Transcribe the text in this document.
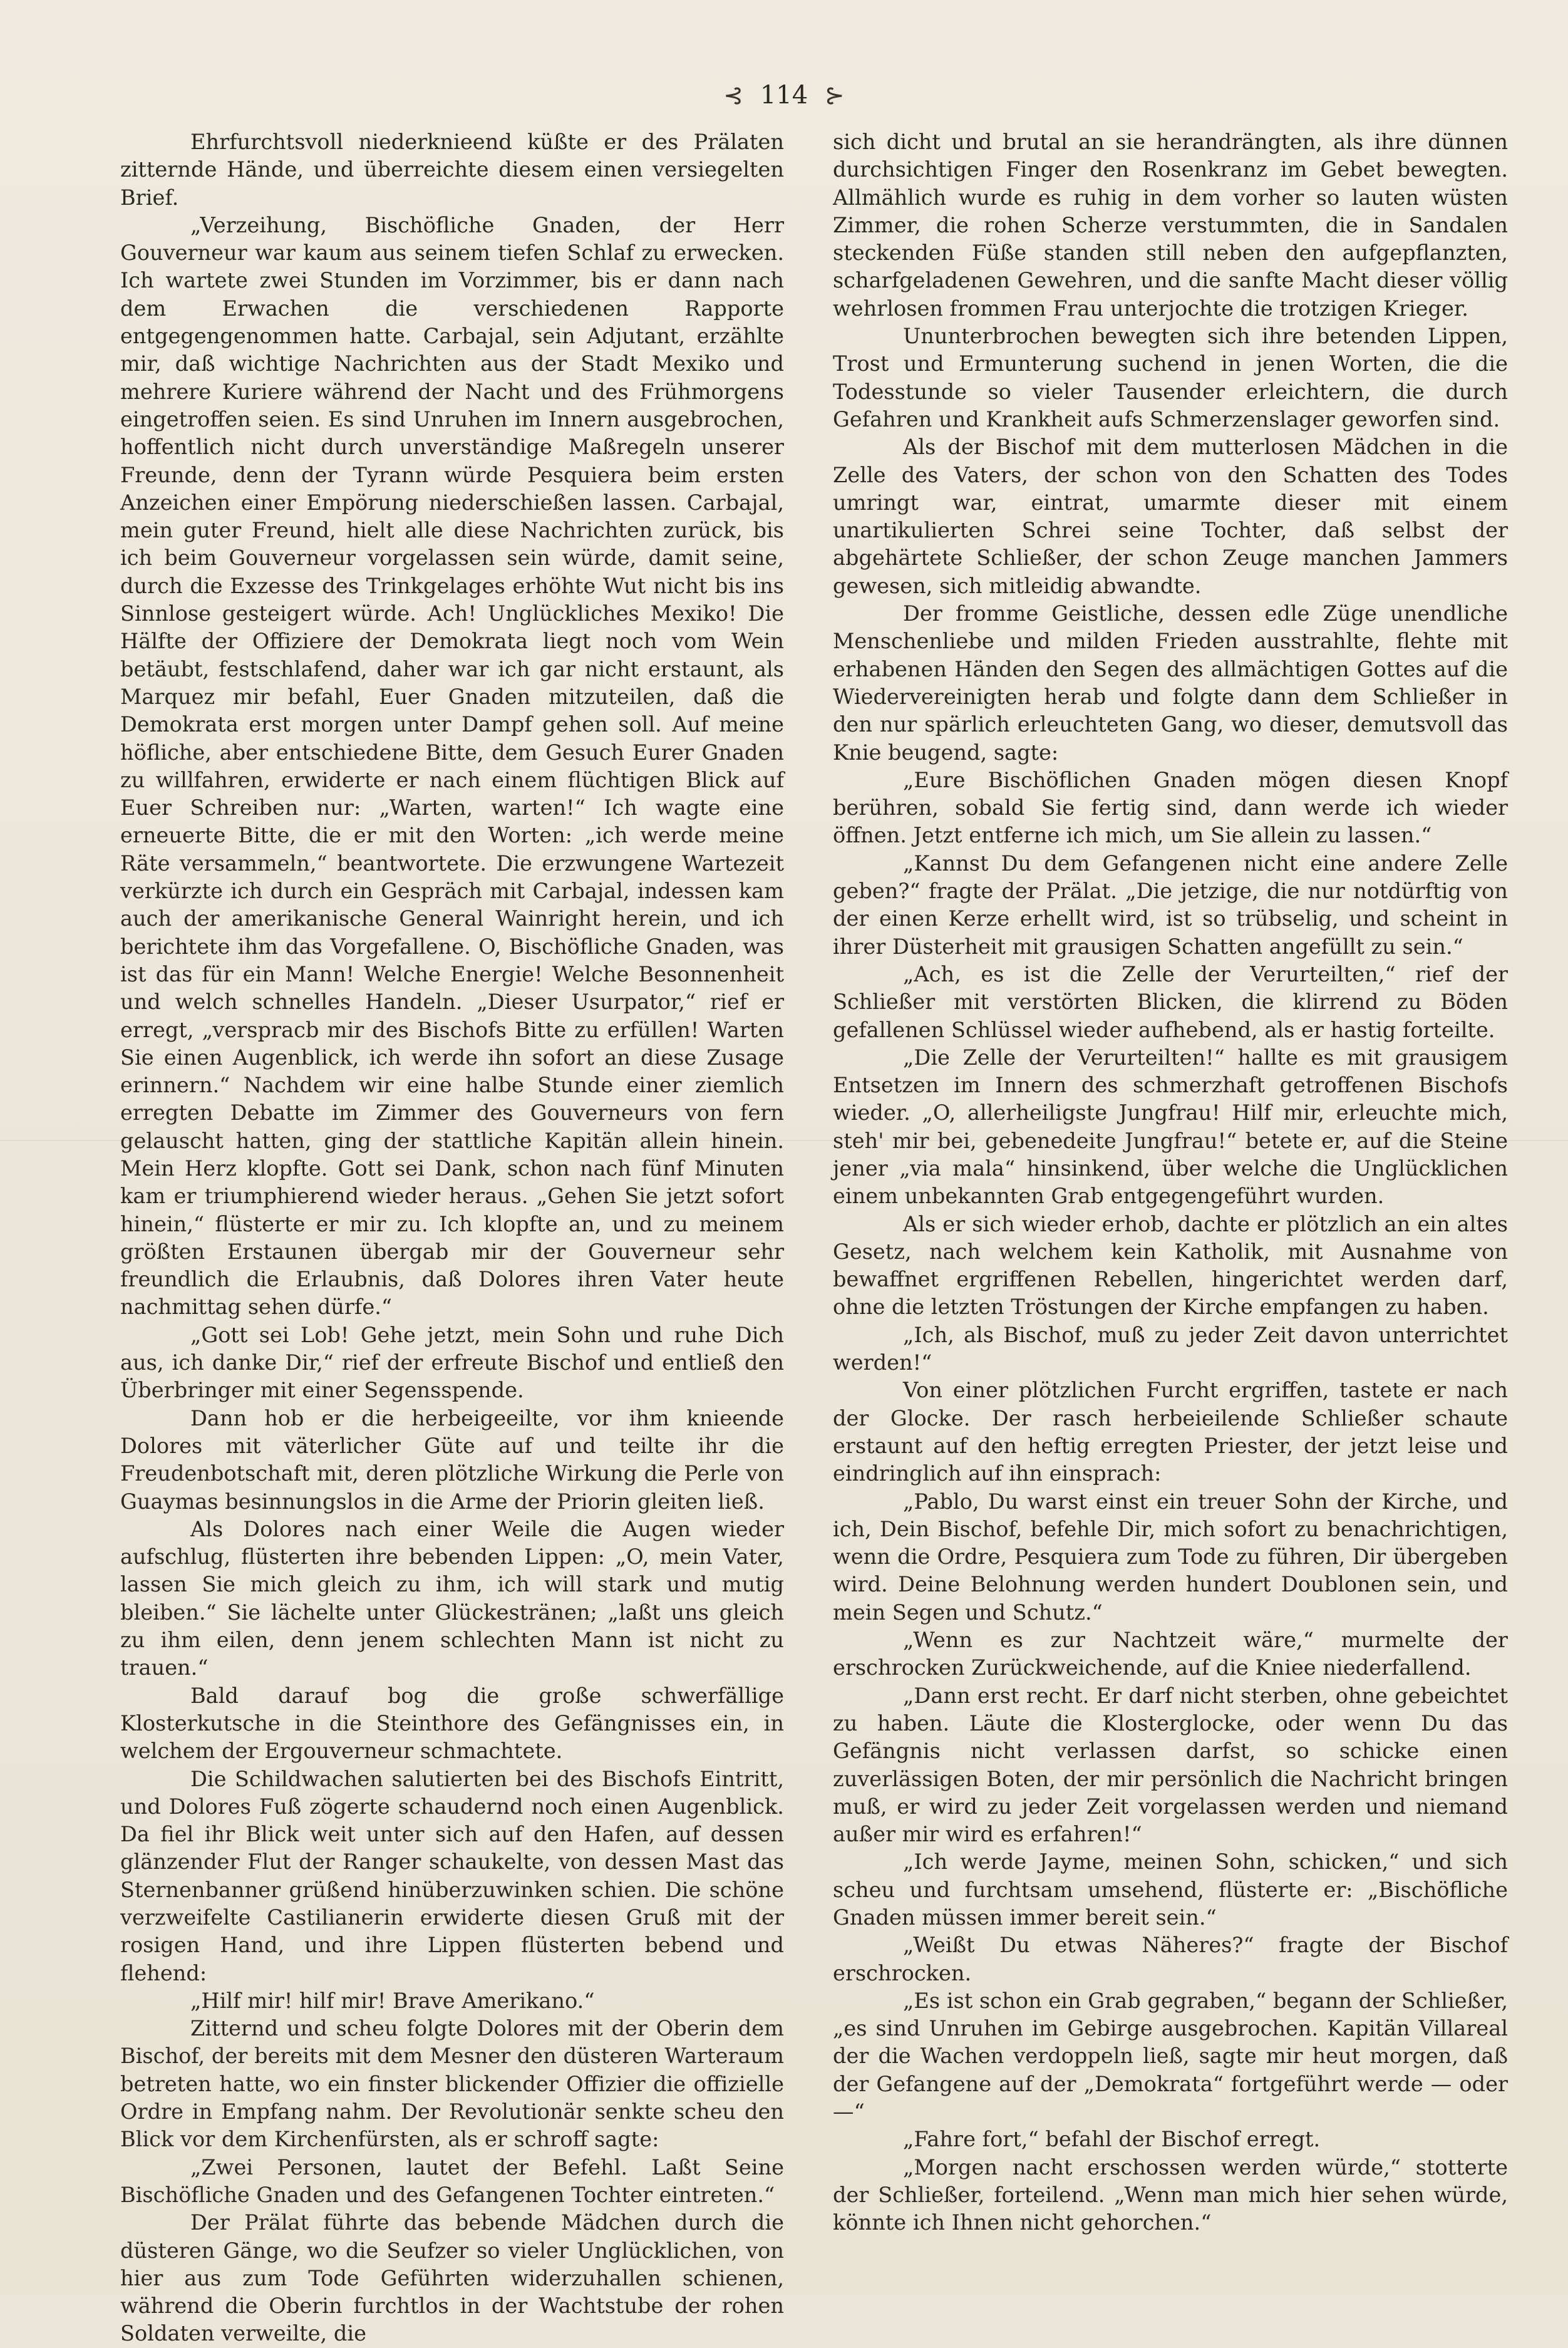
⊰ 114 ⊱

Ehrfurchtsvoll niederknieend küßte er des Prälaten zitternde Hände, und überreichte diesem einen versiegelten Brief.

„Verzeihung, Bischöfliche Gnaden, der Herr Gouverneur war kaum aus seinem tiefen Schlaf zu erwecken. Ich wartete zwei Stunden im Vorzimmer, bis er dann nach dem Erwachen die verschiedenen Rapporte entgegengenommen hatte. Carbajal, sein Adjutant, erzählte mir, daß wichtige Nachrichten aus der Stadt Mexiko und mehrere Kuriere während der Nacht und des Frühmorgens eingetroffen seien. Es sind Unruhen im Innern ausgebrochen, hoffentlich nicht durch unverständige Maßregeln unserer Freunde, denn der Tyrann würde Pesquiera beim ersten Anzeichen einer Empörung niederschießen lassen. Carbajal, mein guter Freund, hielt alle diese Nachrichten zurück, bis ich beim Gouverneur vorgelassen sein würde, damit seine, durch die Exzesse des Trinkgelages erhöhte Wut nicht bis ins Sinnlose gesteigert würde. Ach! Unglückliches Mexiko! Die Hälfte der Offiziere der Demokrata liegt noch vom Wein betäubt, festschlafend, daher war ich gar nicht erstaunt, als Marquez mir befahl, Euer Gnaden mitzuteilen, daß die Demokrata erst morgen unter Dampf gehen soll. Auf meine höfliche, aber entschiedene Bitte, dem Gesuch Eurer Gnaden zu willfahren, erwiderte er nach einem flüchtigen Blick auf Euer Schreiben nur: „Warten, warten!“ Ich wagte eine erneuerte Bitte, die er mit den Worten: „ich werde meine Räte versammeln,“ beantwortete. Die erzwungene Wartezeit verkürzte ich durch ein Gespräch mit Carbajal, indessen kam auch der amerikanische General Wainright herein, und ich berichtete ihm das Vorgefallene. O, Bischöfliche Gnaden, was ist das für ein Mann! Welche Energie! Welche Besonnenheit und welch schnelles Handeln. „Dieser Usurpator,“ rief er erregt, „verspracb mir des Bischofs Bitte zu erfüllen! Warten Sie einen Augenblick, ich werde ihn sofort an diese Zusage erinnern.“ Nachdem wir eine halbe Stunde einer ziemlich erregten Debatte im Zimmer des Gouverneurs von fern gelauscht hatten, ging der stattliche Kapitän allein hinein. Mein Herz klopfte. Gott sei Dank, schon nach fünf Minuten kam er triumphierend wieder heraus. „Gehen Sie jetzt sofort hinein,“ flüsterte er mir zu. Ich klopfte an, und zu meinem größten Erstaunen übergab mir der Gouverneur sehr freundlich die Erlaubnis, daß Dolores ihren Vater heute nachmittag sehen dürfe.“

„Gott sei Lob! Gehe jetzt, mein Sohn und ruhe Dich aus, ich danke Dir,“ rief der erfreute Bischof und entließ den Überbringer mit einer Segensspende.

Dann hob er die herbeigeeilte, vor ihm knieende Dolores mit väterlicher Güte auf und teilte ihr die Freudenbotschaft mit, deren plötzliche Wirkung die Perle von Guaymas besinnungslos in die Arme der Priorin gleiten ließ.

Als Dolores nach einer Weile die Augen wieder aufschlug, flüsterten ihre bebenden Lippen: „O, mein Vater, lassen Sie mich gleich zu ihm, ich will stark und mutig bleiben.“ Sie lächelte unter Glückestränen; „laßt uns gleich zu ihm eilen, denn jenem schlechten Mann ist nicht zu trauen.“

Bald darauf bog die große schwerfällige Klosterkutsche in die Steinthore des Gefängnisses ein, in welchem der Ergouverneur schmachtete.

Die Schildwachen salutierten bei des Bischofs Eintritt, und Dolores Fuß zögerte schaudernd noch einen Augenblick. Da fiel ihr Blick weit unter sich auf den Hafen, auf dessen glänzender Flut der Ranger schaukelte, von dessen Mast das Sternenbanner grüßend hinüberzuwinken schien. Die schöne verzweifelte Castilianerin erwiderte diesen Gruß mit der rosigen Hand, und ihre Lippen flüsterten bebend und flehend:

„Hilf mir! hilf mir! Brave Amerikano.“

Zitternd und scheu folgte Dolores mit der Oberin dem Bischof, der bereits mit dem Mesner den düsteren Warteraum betreten hatte, wo ein finster blickender Offizier die offizielle Ordre in Empfang nahm. Der Revolutionär senkte scheu den Blick vor dem Kirchenfürsten, als er schroff sagte:

„Zwei Personen, lautet der Befehl. Laßt Seine Bischöfliche Gnaden und des Gefangenen Tochter eintreten.“

Der Prälat führte das bebende Mädchen durch die düsteren Gänge, wo die Seufzer so vieler Unglücklichen, von hier aus zum Tode Geführten widerzuhallen schienen, während die Oberin furchtlos in der Wachtstube der rohen Soldaten verweilte, die

sich dicht und brutal an sie herandrängten, als ihre dünnen durchsichtigen Finger den Rosenkranz im Gebet bewegten. Allmählich wurde es ruhig in dem vorher so lauten wüsten Zimmer, die rohen Scherze verstummten, die in Sandalen steckenden Füße standen still neben den aufgepflanzten, scharfgeladenen Gewehren, und die sanfte Macht dieser völlig wehrlosen frommen Frau unterjochte die trotzigen Krieger.

Ununterbrochen bewegten sich ihre betenden Lippen, Trost und Ermunterung suchend in jenen Worten, die die Todesstunde so vieler Tausender erleichtern, die durch Gefahren und Krankheit aufs Schmerzenslager geworfen sind.

Als der Bischof mit dem mutterlosen Mädchen in die Zelle des Vaters, der schon von den Schatten des Todes umringt war, eintrat, umarmte dieser mit einem unartikulierten Schrei seine Tochter, daß selbst der abgehärtete Schließer, der schon Zeuge manchen Jammers gewesen, sich mitleidig abwandte.

Der fromme Geistliche, dessen edle Züge unendliche Menschenliebe und milden Frieden ausstrahlte, flehte mit erhabenen Händen den Segen des allmächtigen Gottes auf die Wiedervereinigten herab und folgte dann dem Schließer in den nur spärlich erleuchteten Gang, wo dieser, demutsvoll das Knie beugend, sagte:

„Eure Bischöflichen Gnaden mögen diesen Knopf berühren, sobald Sie fertig sind, dann werde ich wieder öffnen. Jetzt entferne ich mich, um Sie allein zu lassen.“

„Kannst Du dem Gefangenen nicht eine andere Zelle geben?“ fragte der Prälat. „Die jetzige, die nur notdürftig von der einen Kerze erhellt wird, ist so trübselig, und scheint in ihrer Düsterheit mit grausigen Schatten angefüllt zu sein.“

„Ach, es ist die Zelle der Verurteilten,“ rief der Schließer mit verstörten Blicken, die klirrend zu Böden gefallenen Schlüssel wieder aufhebend, als er hastig forteilte.

„Die Zelle der Verurteilten!“ hallte es mit grausigem Entsetzen im Innern des schmerzhaft getroffenen Bischofs wieder. „O, allerheiligste Jungfrau! Hilf mir, erleuchte mich, steh' mir bei, gebenedeite Jungfrau!“ betete er, auf die Steine jener „via mala“ hinsinkend, über welche die Unglücklichen einem unbekannten Grab entgegengeführt wurden.

Als er sich wieder erhob, dachte er plötzlich an ein altes Gesetz, nach welchem kein Katholik, mit Ausnahme von bewaffnet ergriffenen Rebellen, hingerichtet werden darf, ohne die letzten Tröstungen der Kirche empfangen zu haben.

„Ich, als Bischof, muß zu jeder Zeit davon unterrichtet werden!“

Von einer plötzlichen Furcht ergriffen, tastete er nach der Glocke. Der rasch herbeieilende Schließer schaute erstaunt auf den heftig erregten Priester, der jetzt leise und eindringlich auf ihn einsprach:

„Pablo, Du warst einst ein treuer Sohn der Kirche, und ich, Dein Bischof, befehle Dir, mich sofort zu benachrichtigen, wenn die Ordre, Pesquiera zum Tode zu führen, Dir übergeben wird. Deine Belohnung werden hundert Doublonen sein, und mein Segen und Schutz.“

„Wenn es zur Nachtzeit wäre,“ murmelte der erschrocken Zurückweichende, auf die Kniee niederfallend.

„Dann erst recht. Er darf nicht sterben, ohne gebeichtet zu haben. Läute die Klosterglocke, oder wenn Du das Gefängnis nicht verlassen darfst, so schicke einen zuverlässigen Boten, der mir persönlich die Nachricht bringen muß, er wird zu jeder Zeit vorgelassen werden und niemand außer mir wird es erfahren!“

„Ich werde Jayme, meinen Sohn, schicken,“ und sich scheu und furchtsam umsehend, flüsterte er: „Bischöfliche Gnaden müssen immer bereit sein.“

„Weißt Du etwas Näheres?“ fragte der Bischof erschrocken.

„Es ist schon ein Grab gegraben,“ begann der Schließer, „es sind Unruhen im Gebirge ausgebrochen. Kapitän Villareal der die Wachen verdoppeln ließ, sagte mir heut morgen, daß der Gefangene auf der „Demokrata“ fortgeführt werde — oder —“

„Fahre fort,“ befahl der Bischof erregt.

„Morgen nacht erschossen werden würde,“ stotterte der Schließer, forteilend. „Wenn man mich hier sehen würde, könnte ich Ihnen nicht gehorchen.“
